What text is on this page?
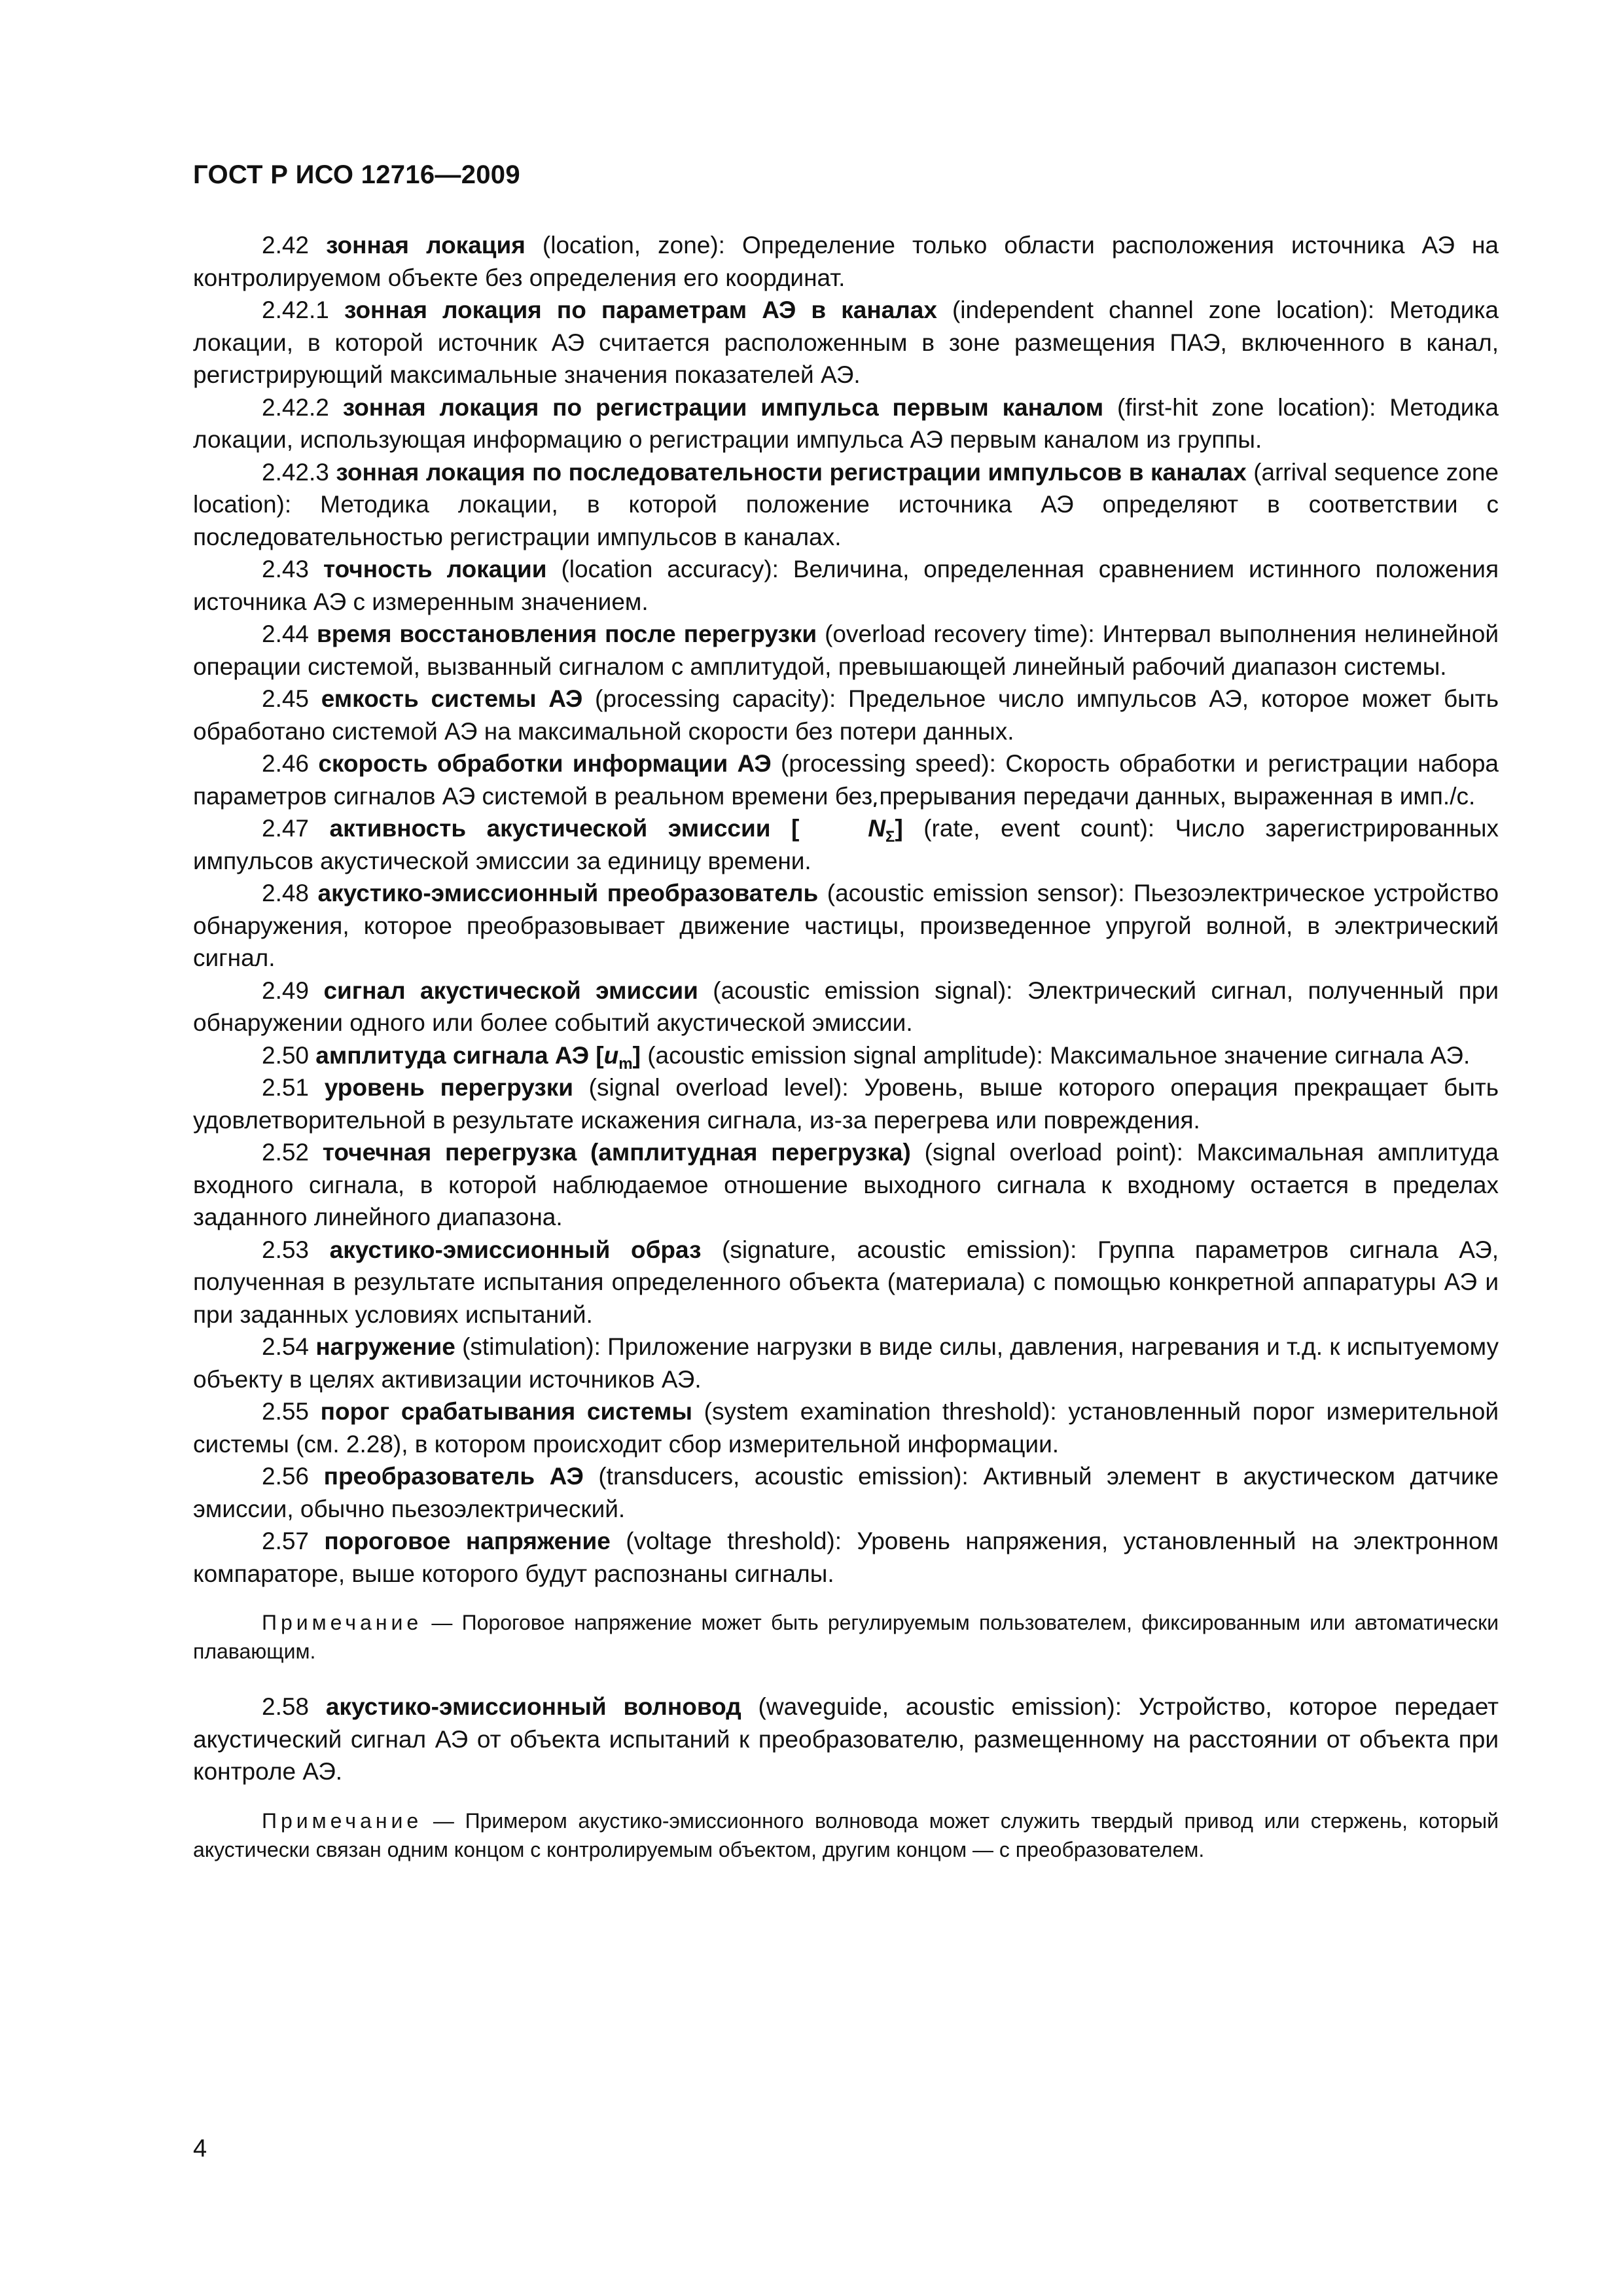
ГОСТ Р ИСО 12716—2009

2.42 зонная локация (location, zone): Определение только области расположения источника АЭ на контролируемом объекте без определения его координат.

2.42.1 зонная локация по параметрам АЭ в каналах (independent channel zone location): Методика локации, в которой источник АЭ считается расположенным в зоне размещения ПАЭ, включенного в канал, регистрирующий максимальные значения показателей АЭ.

2.42.2 зонная локация по регистрации импульса первым каналом (first-hit zone location): Методика локации, использующая информацию о регистрации импульса АЭ первым каналом из группы.

2.42.3 зонная локация по последовательности регистрации импульсов в каналах (arrival sequence zone location): Методика локации, в которой положение источника АЭ определяют в соответствии с последовательностью регистрации импульсов в каналах.

2.43 точность локации (location accuracy): Величина, определенная сравнением истинного положения источника АЭ с измеренным значением.

2.44 время восстановления после перегрузки (overload recovery time): Интервал выполнения нелинейной операции системой, вызванный сигналом с амплитудой, превышающей линейный рабочий диапазон системы.

2.45 емкость системы АЭ (processing capacity): Предельное число импульсов АЭ, которое может быть обработано системой АЭ на максимальной скорости без потери данных.

2.46 скорость обработки информации АЭ (processing speed): Скорость обработки и регистрации набора параметров сигналов АЭ системой в реальном времени без прерывания передачи данных, выраженная в имп./с.

2.47 активность акустической эмиссии ['	$N_\Sigma$] (rate, event count): Число зарегистрированных импульсов акустической эмиссии за единицу времени.

2.48 акустико-эмиссионный преобразователь (acoustic emission sensor): Пьезоэлектрическое устройство обнаружения, которое преобразовывает движение частицы, произведенное упругой волной, в электрический сигнал.

2.49 сигнал акустической эмиссии (acoustic emission signal): Электрический сигнал, полученный при обнаружении одного или более событий акустической эмиссии.

2.50 амплитуда сигнала АЭ $[u_m]$ (acoustic emission signal amplitude): Максимальное значение сигнала АЭ.

2.51 уровень перегрузки (signal overload level): Уровень, выше которого операция прекращает быть удовлетворительной в результате искажения сигнала, из-за перегрева или повреждения.

2.52 точечная перегрузка (амплитудная перегрузка) (signal overload point): Максимальная амплитуда входного сигнала, в которой наблюдаемое отношение выходного сигнала к входному остается в пределах заданного линейного диапазона.

2.53 акустико-эмиссионный образ (signature, acoustic emission): Группа параметров сигнала АЭ, полученная в результате испытания определенного объекта (материала) с помощью конкретной аппаратуры АЭ и при заданных условиях испытаний.

2.54 нагружение (stimulation): Приложение нагрузки в виде силы, давления, нагревания и т.д. к испытуемому объекту в целях активизации источников АЭ.

2.55 порог срабатывания системы (system examination threshold): установленный порог измерительной системы (см. 2.28), в котором происходит сбор измерительной информации.

2.56 преобразователь АЭ (transducers, acoustic emission): Активный элемент в акустическом датчике эмиссии, обычно пьезоэлектрический.

2.57 пороговое напряжение (voltage threshold): Уровень напряжения, установленный на электронном компараторе, выше которого будут распознаны сигналы.

Примечание — Пороговое напряжение может быть регулируемым пользователем, фиксированным или автоматически плавающим.

2.58 акустико-эмиссионный волновод (waveguide, acoustic emission): Устройство, которое передает акустический сигнал АЭ от объекта испытаний к преобразователю, размещенному на расстоянии от объекта при контроле АЭ.

Примечание — Примером акустико-эмиссионного волновода может служить твердый привод или стержень, который акустически связан одним концом с контролируемым объектом, другим концом — с преобразователем.

4
